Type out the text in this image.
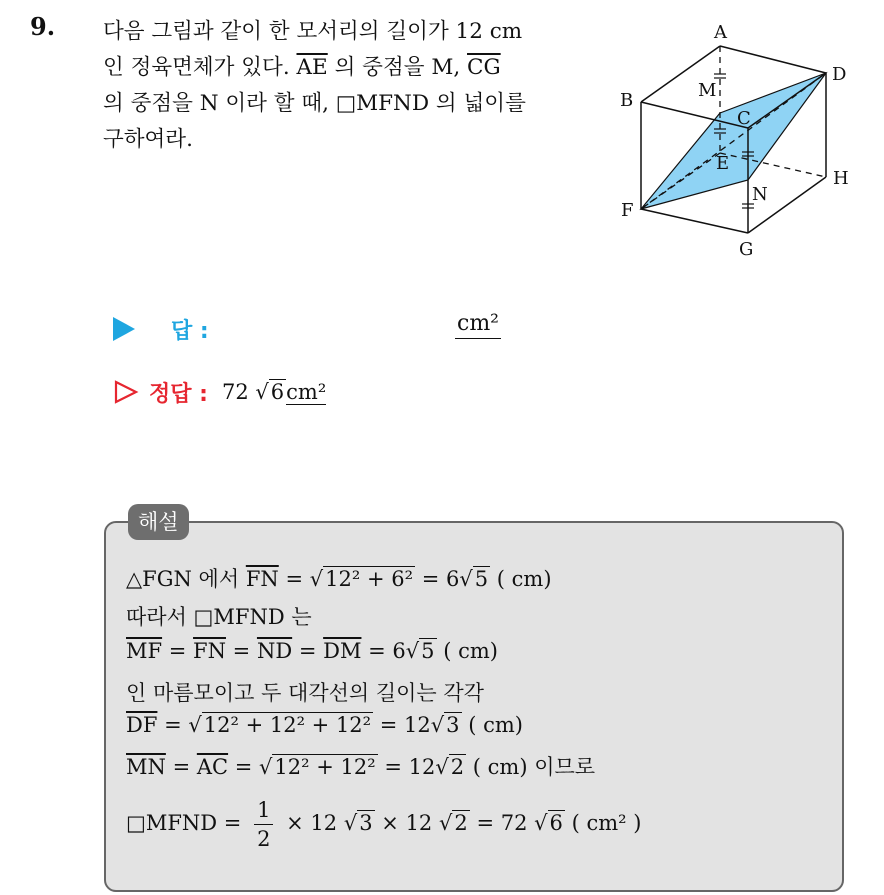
9. 다음 그림과 같이 한 모서리의 길이가 12 cm
인 정육면체가 있다. $\overline{AE}$ 의 중점을 M, $\overline{CG}$
의 중점을 N 이라 할 때, □MFND 의 넓이를
구하여라.
A
B
C
D
E
F
G
H
M
N
답 :	cm²
정답 : 72 √6cm²
해설
△FGN 에서 $\overline{FN} = √12^2 + 6^2 = 6√5$ ( cm)
따라서 □MFND 는
$\overline{MF} = \overline{FN} = \overline{ND} = \overline{DM} = 6√5$ ( cm)
인 마름모이고 두 대각선의 길이는 각각
$\overline{DF} = √12^2 + 12^2 + 12^2 = 12√3$ ( cm)
$\overline{MN} = \overline{AC} = √12^2 + 12^2 = 12√2$ ( cm) 이므로
□MFND = $\frac{1}{2} \times 12$ √3 × 12 √2 = 72 √6 ( cm² )
